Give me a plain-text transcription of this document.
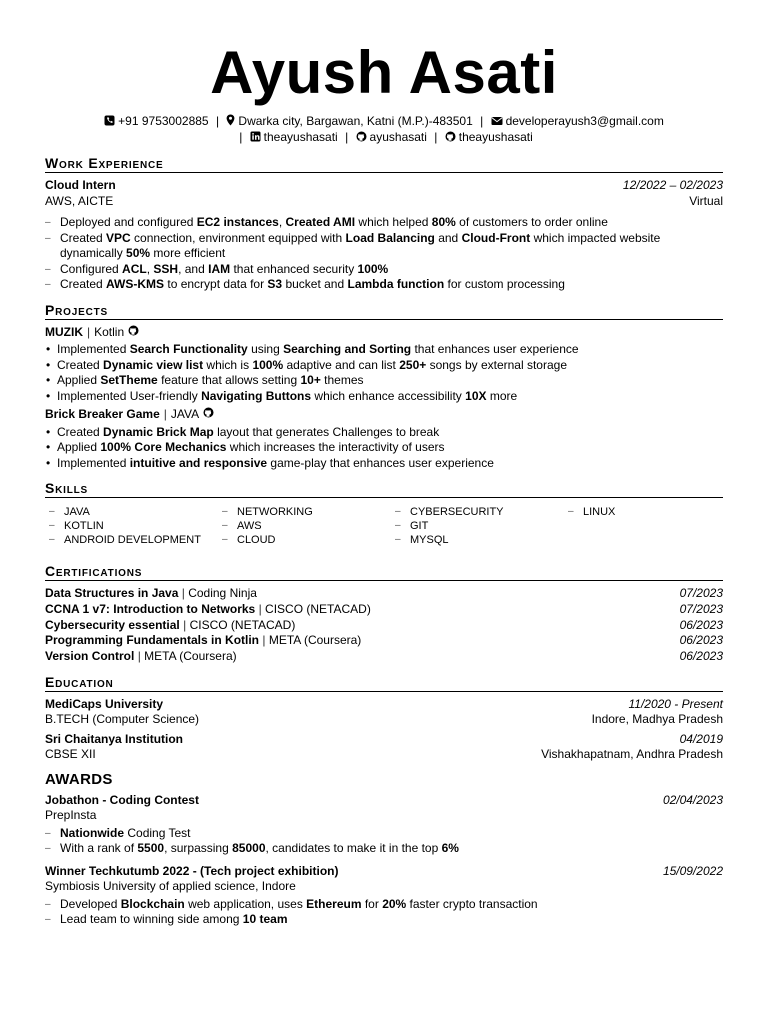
Ayush Asati
+91 9753002885 | Dwarka city, Bargawan, Katni (M.P.)-483501 | developerayush3@gmail.com
| theayushasati | ayushasati | theayushasati
Work Experience
Cloud Intern	12/2022 – 02/2023
AWS, AICTE	Virtual
– Deployed and configured EC2 instances, Created AMI which helped 80% of customers to order online
– Created VPC connection, environment equipped with Load Balancing and Cloud-Front which impacted website dynamically 50% more efficient
– Configured ACL, SSH, and IAM that enhanced security 100%
– Created AWS-KMS to encrypt data for S3 bucket and Lambda function for custom processing
Projects
MUZIK | Kotlin
• Implemented Search Functionality using Searching and Sorting that enhances user experience
• Created Dynamic view list which is 100% adaptive and can list 250+ songs by external storage
• Applied SetTheme feature that allows setting 10+ themes
• Implemented User-friendly Navigating Buttons which enhance accessibility 10X more
Brick Breaker Game | JAVA
• Created Dynamic Brick Map layout that generates Challenges to break
• Applied 100% Core Mechanics which increases the interactivity of users
• Implemented intuitive and responsive game-play that enhances user experience
Skills
– JAVA	– NETWORKING	– CYBERSECURITY	– LINUX
– KOTLIN	– AWS	– GIT
– ANDROID DEVELOPMENT	– CLOUD	– MYSQL
Certifications
Data Structures in Java | Coding Ninja	07/2023
CCNA 1 v7: Introduction to Networks | CISCO (NETACAD)	07/2023
Cybersecurity essential | CISCO (NETACAD)	06/2023
Programming Fundamentals in Kotlin | META (Coursera)	06/2023
Version Control | META (Coursera)	06/2023
Education
MediCaps University	11/2020 - Present
B.TECH (Computer Science)	Indore, Madhya Pradesh
Sri Chaitanya Institution	04/2019
CBSE XII	Vishakhapatnam, Andhra Pradesh
AWARDS
Jobathon - Coding Contest	02/04/2023
PrepInsta
– Nationwide Coding Test
– With a rank of 5500, surpassing 85000, candidates to make it in the top 6%
Winner Techkutumb 2022 - (Tech project exhibition)	15/09/2022
Symbiosis University of applied science, Indore
– Developed Blockchain web application, uses Ethereum for 20% faster crypto transaction
– Lead team to winning side among 10 team
